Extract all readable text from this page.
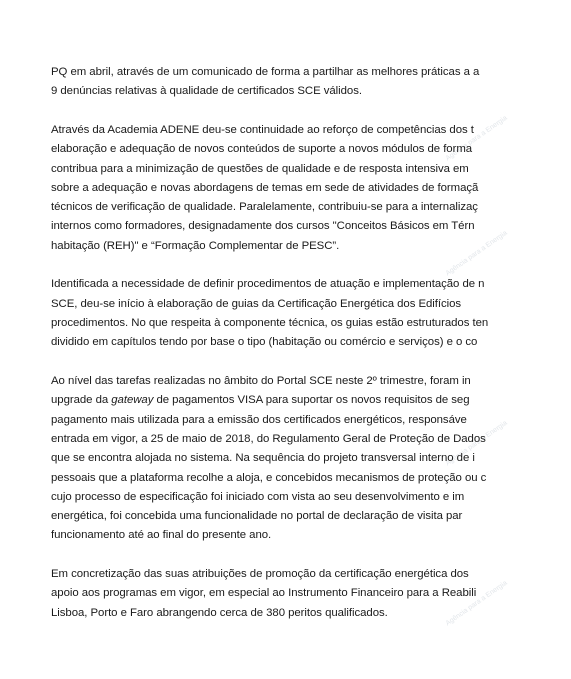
Agência para a Energia
Agência para a Energia
Agência para a Energia
Agência para a Energia
PQ em abril, através de um comunicado de forma a partilhar as melhores práticas a a
9 denúncias relativas à qualidade de certificados SCE válidos.
Através da Academia ADENE deu-se continuidade ao reforço de competências dos t
elaboração e adequação de novos conteúdos de suporte a novos módulos de forma
contribua para a minimização de questões de qualidade e de resposta intensiva em
sobre a adequação e novas abordagens de temas em sede de atividades de formaçã
técnicos de verificação de qualidade. Paralelamente, contribuiu-se para a internalizaç
internos como formadores, designadamente dos cursos "Conceitos Básicos em Térn
habitação (REH)" e “Formação Complementar de PESC”.
Identificada a necessidade de definir procedimentos de atuação e implementação de n
SCE, deu-se início à elaboração de guias da Certificação Energética dos Edifícios
procedimentos. No que respeita à componente técnica, os guias estão estruturados ten
dividido em capítulos tendo por base o tipo (habitação ou comércio e serviços) e o co
Ao nível das tarefas realizadas no âmbito do Portal SCE neste 2º trimestre, foram in
upgrade da gateway de pagamentos VISA para suportar os novos requisitos de seg
pagamento mais utilizada para a emissão dos certificados energéticos, responsáve
entrada em vigor, a 25 de maio de 2018, do Regulamento Geral de Proteção de Dados
que se encontra alojada no sistema. Na sequência do projeto transversal interno de i
pessoais que a plataforma recolhe a aloja, e concebidos mecanismos de proteção ou c
cujo processo de especificação foi iniciado com vista ao seu desenvolvimento e im
energética, foi concebida uma funcionalidade no portal de declaração de visita par
funcionamento até ao final do presente ano.
Em concretização das suas atribuições de promoção da certificação energética dos
apoio aos programas em vigor, em especial ao Instrumento Financeiro para a Reabili
Lisboa, Porto e Faro abrangendo cerca de 380 peritos qualificados.
